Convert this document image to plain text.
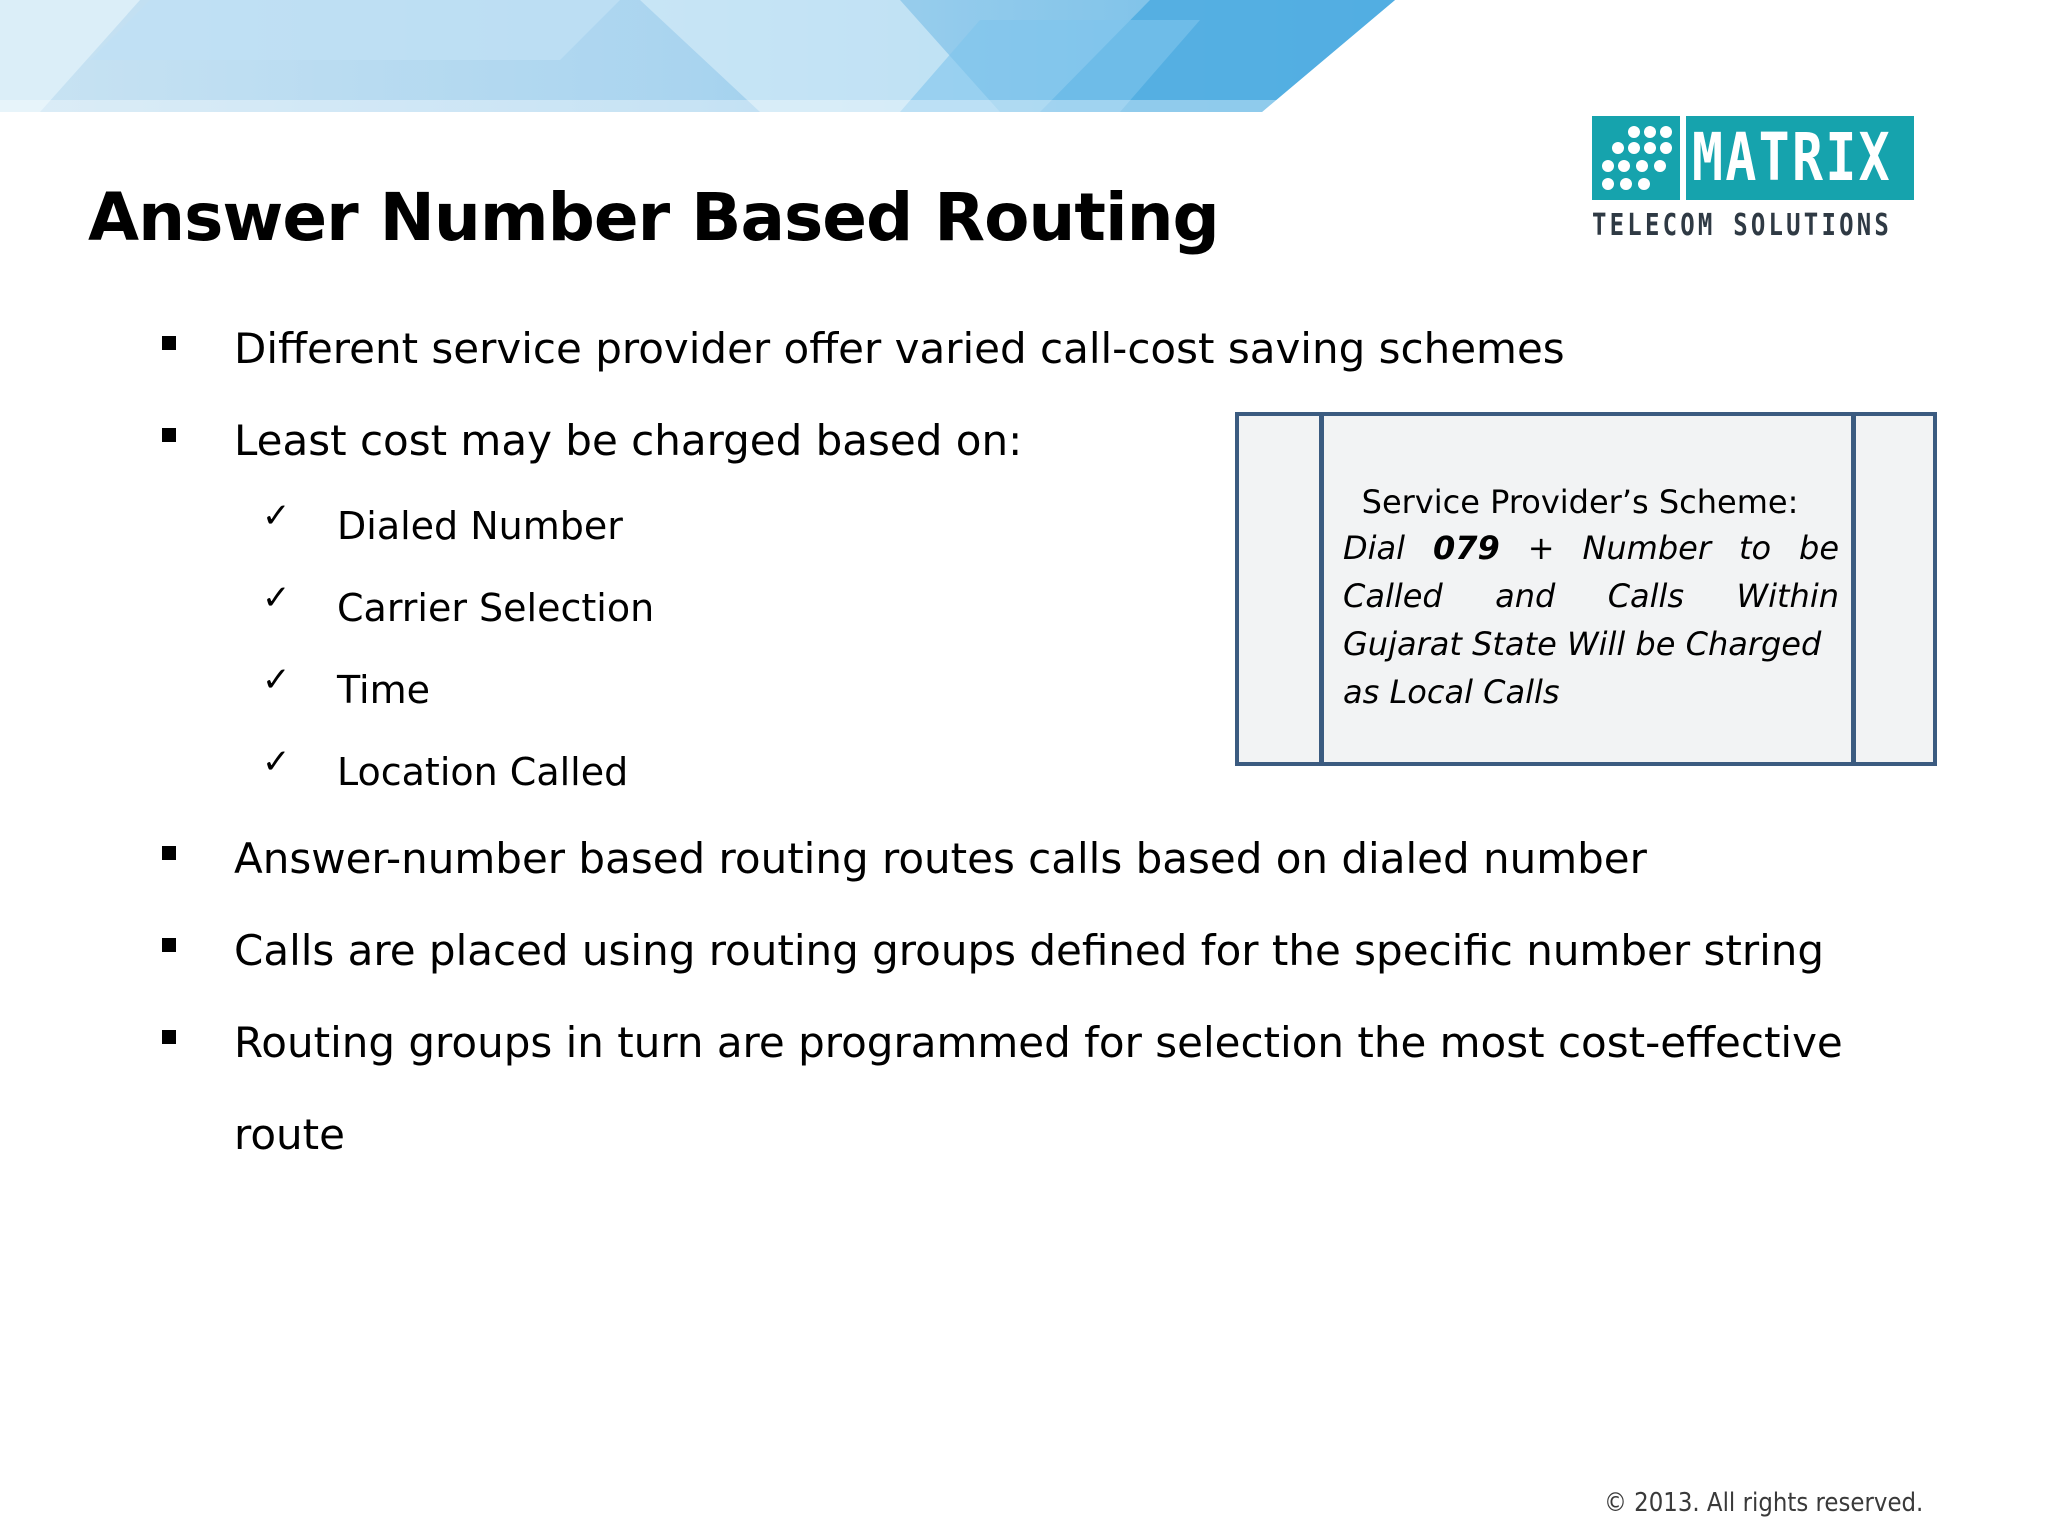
MATRIX
TELECOM SOLUTIONS
Answer Number Based Routing
Different service provider offer varied call-cost saving schemes
Least cost may be charged based on:
✓ Dialed Number
✓ Carrier Selection
✓ Time
✓ Location Called
Answer-number based routing routes calls based on dialed number
Calls are placed using routing groups defined for the specific number string
Routing groups in turn are programmed for selection the most cost-effective
route
Service Provider’s Scheme:
Dial 079 + Number to be
Called and Calls Within
Gujarat State Will be Charged
as Local Calls
© 2013. All rights reserved.
